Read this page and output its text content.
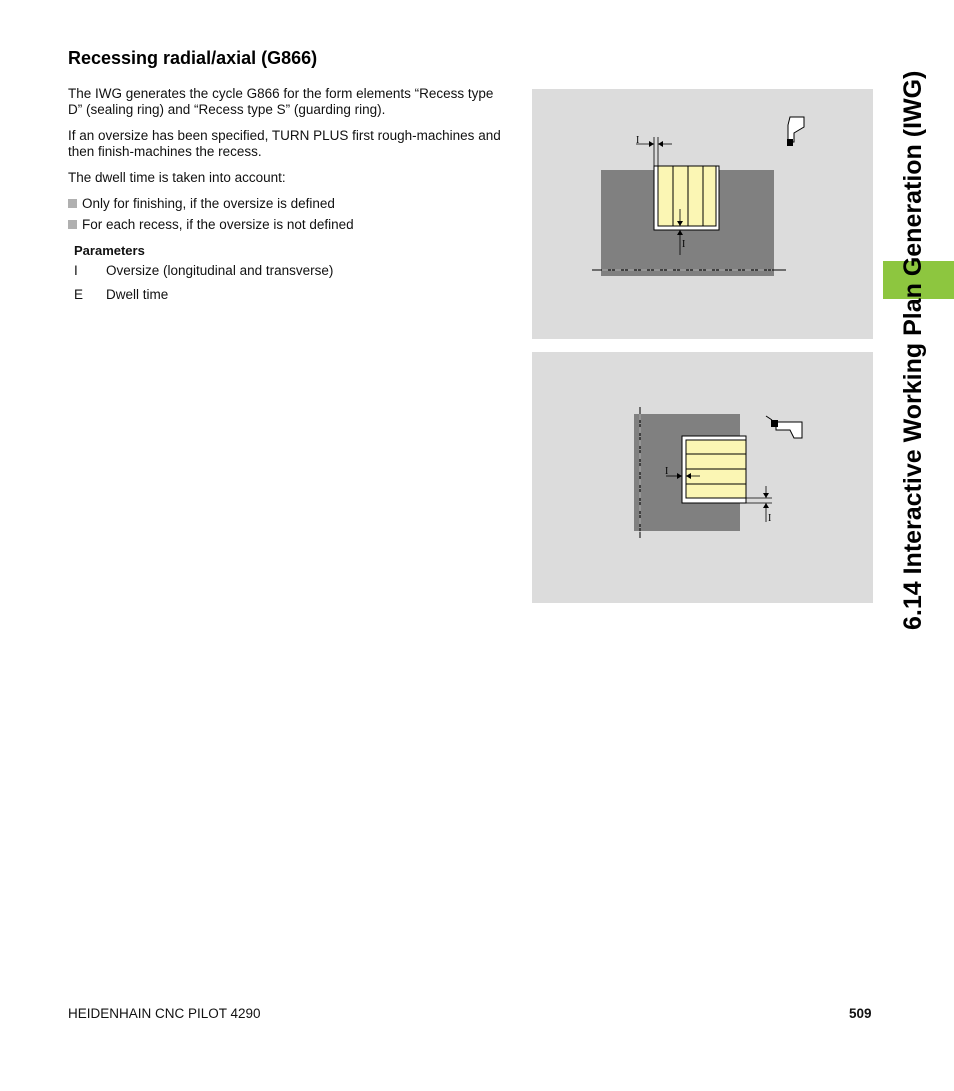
Recessing radial/axial (G866)

The IWG generates the cycle G866 for the form elements “Recess type D” (sealing ring) and “Recess type S” (guarding ring).

If an oversize has been specified, TURN PLUS first rough-machines and then finish-machines the recess.

The dwell time is taken into account:

Only for finishing, if the oversize is defined
For each recess, if the oversize is not defined
Parameters
I	Oversize (longitudinal and transverse)
E	Dwell time
I
I
I
I	6.14 Interactive Working Plan Generation (IWG)
HEIDENHAIN CNC PILOT 4290	509
